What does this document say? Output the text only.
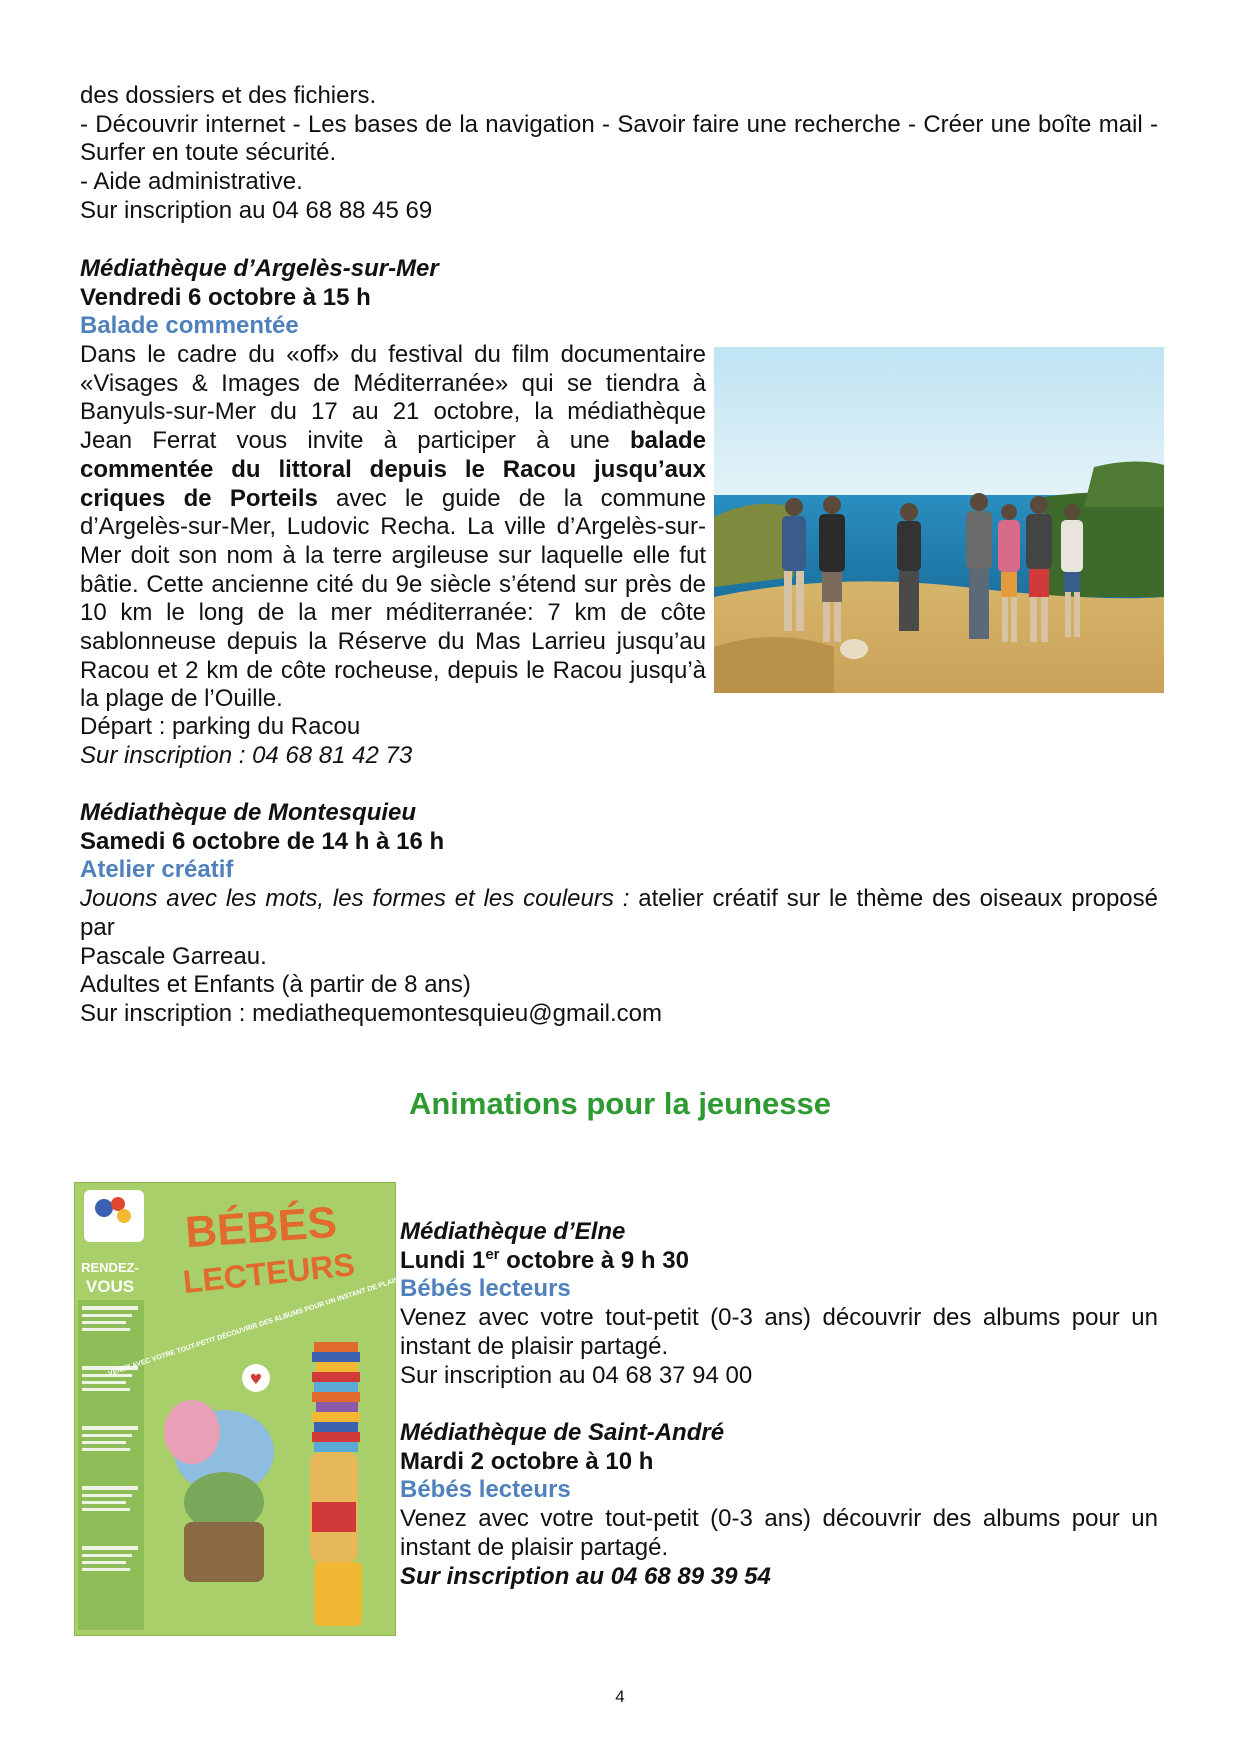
des dossiers et des fichiers.

- Découvrir internet - Les bases de la navigation - Savoir faire une recherche - Créer une boîte mail - Surfer en toute sécurité.

- Aide administrative.

Sur inscription au 04 68 88 45 69

Médiathèque d’Argelès-sur-Mer

Vendredi 6 octobre à 15 h

Balade commentée

Dans le cadre du «off» du festival du film documentaire «Visages & Images de Méditerranée» qui se tiendra à Banyuls-sur-Mer du 17 au 21 octobre, la médiathèque Jean Ferrat vous invite à participer à une balade commentée du littoral depuis le Racou jusqu’aux criques de Porteils avec le guide de la commune d’Argelès-sur-Mer, Ludovic Recha. La ville d’Argelès-sur-Mer doit son nom à la terre argileuse sur laquelle elle fut bâtie. Cette ancienne cité du 9e siècle s’étend sur près de 10 km le long de la mer méditerranée: 7 km de côte sablonneuse depuis la Réserve du Mas Larrieu jusqu’au Racou et 2 km de côte rocheuse, depuis le Racou jusqu’à la plage de l’Ouille.

Départ : parking du Racou

Sur inscription : 04 68 81 42 73

Médiathèque de Montesquieu

Samedi 6 octobre de 14 h à 16 h

Atelier créatif

Jouons avec les mots, les formes et les couleurs : atelier créatif sur le thème des oiseaux proposé par

Pascale Garreau.

Adultes et Enfants (à partir de 8 ans)

Sur inscription : mediathequemontesquieu@gmail.com

Animations pour la jeunesse
BÉBÉS
LECTEURS
RENDEZ-
VOUS
♥

Médiathèque d’Elne

Lundi 1er octobre à 9 h 30

Bébés lecteurs

Venez avec votre tout-petit (0-3 ans) découvrir des albums pour un instant de plaisir partagé.

Sur inscription au 04 68 37 94 00

Médiathèque de Saint-André

Mardi 2 octobre à 10 h

Bébés lecteurs

Venez avec votre tout-petit (0-3 ans) découvrir des albums pour un instant de plaisir partagé.

Sur inscription au 04 68 89 39 54

4
